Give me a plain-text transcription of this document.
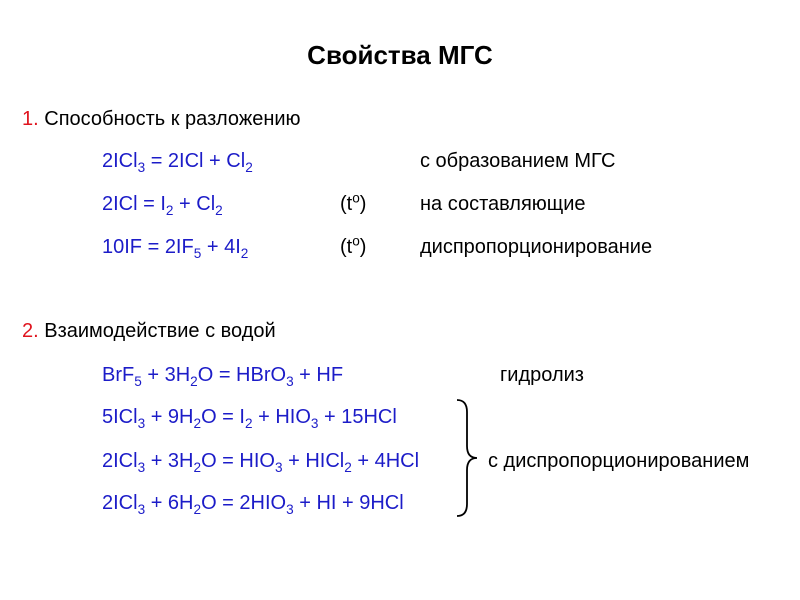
Свойства МГС
1. Способность к разложению
$2ICl_3 = 2ICl + Cl_2$	с образованием МГС
$2ICl = I_2 + Cl_2$	$(t^o)$	на составляющие
$10IF = 2IF_5 + 4I_2$	$(t^o)$	диспропорционирование
2. Взаимодействие с водой
$BrF_5 + 3H_2O$ = HBrO$_3$ + HF	гидролиз
$5ICl_3 + 9H_2O = I_2 + HIO_3 + 15HCl$
$2ICl_3 + 3H_2O = HIO_3$ + HICl$_2$ + 4HCl
$2ICl_3 + 6H_2O = 2HIO_3$ + HI + 9HCl
с диспропорционированием
